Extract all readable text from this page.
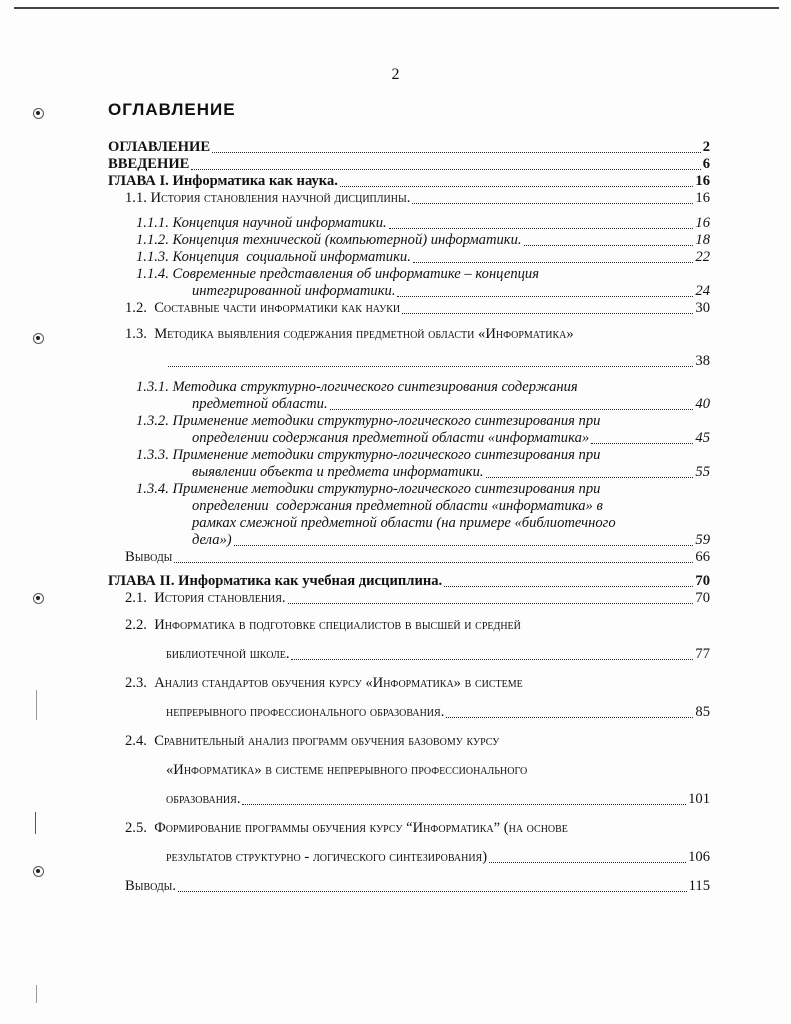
2
ОГЛАВЛЕНИЕ
ОГЛАВЛЕНИЕ	2
ВВЕДЕНИЕ	6
ГЛАВА I. Информатика как наука.	16
1.1. История становления научной дисциплины.	16
1.1.1. Концепция научной информатики.	16
1.1.2. Концепция технической (компьютерной) информатики.	18
1.1.3. Концепция  социальной информатики.	22
1.1.4. Современные представления об информатике – концепция
интегрированной информатики.	24
1.2.  Составные части информатики как науки	30
1.3.  Методика выявления содержания предметной области «Информатика»
38
1.3.1. Методика структурно-логического синтезирования содержания
предметной области.	40
1.3.2. Применение методики структурно-логического синтезирования при
определении содержания предметной области «информатика»	45
1.3.3. Применение методики структурно-логического синтезирования при
выявлении объекта и предмета информатики.	55
1.3.4. Применение методики структурно-логического синтезирования при
определении  содержания предметной области «информатика» в
рамках смежной предметной области (на примере «библиотечного
дела»)	59
Выводы	66
ГЛАВА II. Информатика как учебная дисциплина.	70
2.1.  История становления.	70
2.2.  Информатика в подготовке специалистов в высшей и средней
библиотечной школе.	77
2.3.  Анализ стандартов обучения курсу «Информатика» в системе
непрерывного профессионального образования.	85
2.4.  Сравнительный анализ программ обучения базовому курсу
«Информатика» в системе непрерывного профессионального
образования.	101
2.5.  Формирование программы обучения курсу “Информатика” (на основе
результатов структурно - логического синтезирования)	106
Выводы.	115
